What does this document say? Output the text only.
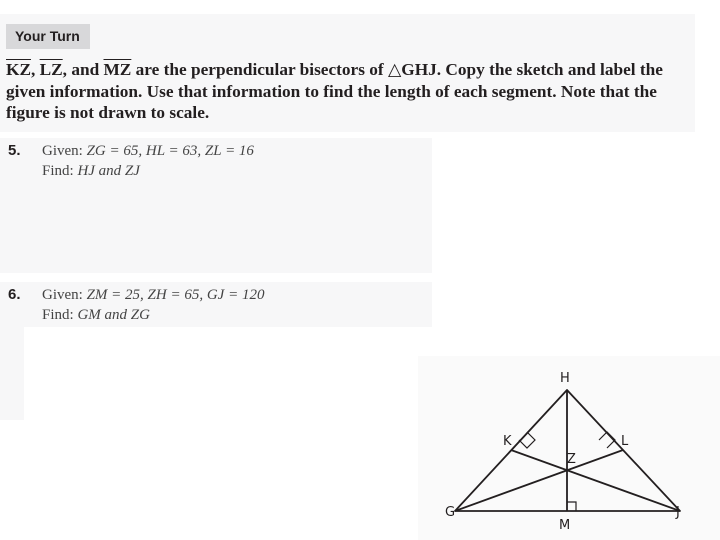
Your Turn
$\overline{KZ}$, $\overline{LZ}$, and $\overline{MZ}$ are the perpendicular bisectors of △GHJ. Copy the sketch and label the given information. Use that information to find the length of each segment. Note that the figure is not drawn to scale.
5. Given: ZG = 65, HL = 63, ZL = 16
Find: HJ and ZJ
6. Given: ZM = 25, ZH = 65, GJ = 120
Find: GM and ZG
H
K	L
Z
G
M
J
